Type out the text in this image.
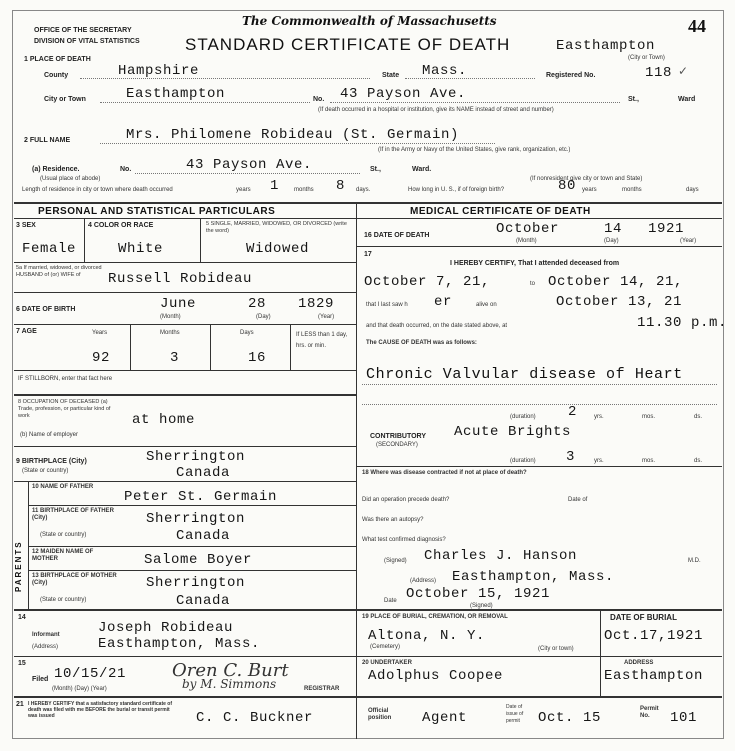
OFFICE OF THE SECRETARY
DIVISION OF VITAL STATISTICS
The Commonwealth of Massachusetts	44
STANDARD CERTIFICATE OF DEATH	Easthampton
(City or Town)
1 PLACE OF DEATH
County	Hampshire	State Mass.	Registered No.	118 ✓
City or Town	Easthampton	No. 43 Payson Ave.	St.,	Ward
(If death occurred in a hospital or institution, give its NAME instead of street and number)
2 FULL NAME	Mrs. Philomene Robideau (St. Germain)
(If in the Army or Navy of the United States, give rank, organization, etc.)
(a) Residence.	No.	43 Payson Ave.	St.,	Ward.
(Usual place of abode)	(If nonresident give city or town and State)
Length of residence in city or town where death occurred	1
years	months 8 days.	How long in U. S., if of foreign birth?	80 years	months	days
PERSONAL AND STATISTICAL PARTICULARS	MEDICAL CERTIFICATE OF DEATH
3 SEX
Female
4 COLOR OR RACE
White
5 SINGLE, MARRIED, WIDOWED, OR DIVORCED (write the word)
Widowed
5a If married, widowed, or divorced HUSBAND of (or) WIFE of	Russell Robideau
6 DATE OF BIRTH	June	28 1829
(Month)	(Day)	(Year)
7 AGE	Years	Months	Days
92	3	16
If LESS than 1 day, hrs. or min.
IF STILLBORN, enter that fact here
8 OCCUPATION OF DECEASED (a) Trade, profession, or particular kind of work	at home
(b) Name of employer
9 BIRTHPLACE (City)
(State or country)
Sherrington
Canada
PARENTS
10 NAME OF FATHER
Peter St. Germain
11 BIRTHPLACE OF FATHER (City)
(State or country)
Sherrington
Canada
12 MAIDEN NAME OF MOTHER	Salome Boyer
13 BIRTHPLACE OF MOTHER (City)
(State or country)
Sherrington
Canada
14
Informant
(Address)
Joseph Robideau
Easthampton, Mass.
15
Filed 10/15/21
(Month) (Day) (Year)
Oren C. Burt
by M. Simmons	REGISTRAR
16 DATE OF DEATH	October	14 1921
(Month)	(Day)	(Year)
17
I HEREBY CERTIFY, That I attended deceased from
October 7, 21,	to October 14, 21,
that I last saw h er	alive on	October 13, 21
and that death occurred, on the date stated above, at	11.30 p.m.
The CAUSE OF DEATH was as follows:
Chronic Valvular disease of Heart
(duration) 2	yrs.	mos.	ds.
CONTRIBUTORY
(SECONDARY)
Acute Brights
(duration) 3	yrs.	mos.	ds.
18 Where was disease contracted if not at place of death?
Did an operation precede death?	Date of
Was there an autopsy?
What test confirmed diagnosis?
(Signed) Charles J. Hanson	M.D.
(Address) Easthampton, Mass.
Date October 15, 1921
(Signed)
19 PLACE OF BURIAL, CREMATION, OR REMOVAL
Altona, N. Y.
(Cemetery)	(City or town)
DATE OF BURIAL
Oct.17,1921
20 UNDERTAKER
Adolphus Coopee
ADDRESS
Easthampton
21 I HEREBY CERTIFY that a satisfactory standard certificate of death was filed with me BEFORE the burial or transit permit was issued	C. C. Buckner	Official position	Agent
Date of issue of permit	Oct. 15
Permit No.	101
